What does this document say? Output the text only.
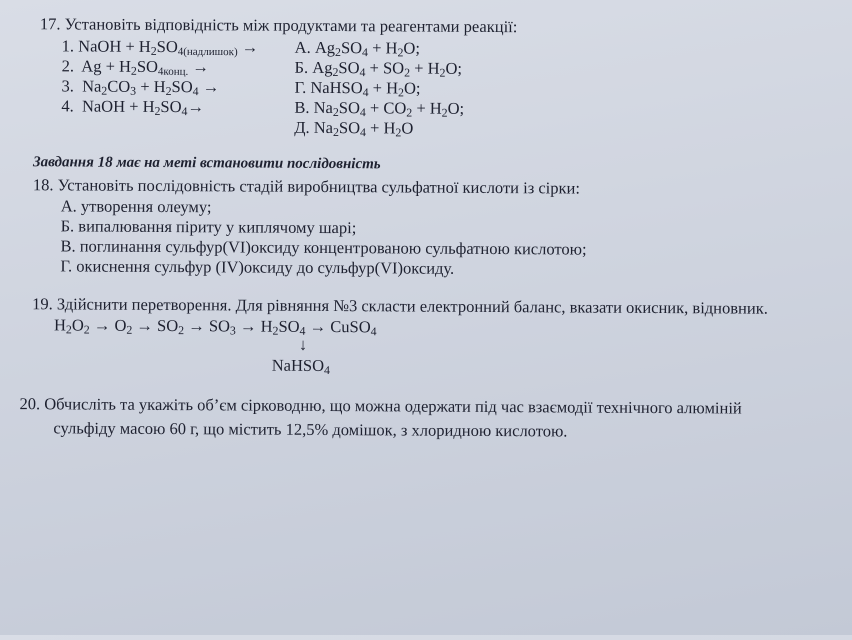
17. Установіть відповідність між продуктами та реагентами реакції:
1. NaOH + $H_2SO_{4(надлишок)}$ →
2. $Ag + H_2SO_{4конц.}$ →
3. $Na_2CO_3 + H_2SO_4$ →
4. NaOH + $H_2SO_4\to$
А. $Ag_2SO_4 + H_2O$;
Б. $Ag_2SO_4 + SO_2 + H_2O$;
Г. NaHSO$_4$ + $H_2O$;
В. $Na_2SO_4 + CO_2 + H_2O$;
Д. $Na_2SO_4 + H_2O$
Завдання 18 має на меті встановити послідовність
18. Установіть послідовність стадій виробництва сульфатної кислоти із сірки:
А. утворення олеуму;
Б. випалювання піриту у киплячому шарі;
В. поглинання сульфур(VI)оксиду концентрованою сульфатною кислотою;
Г. окиснення сульфур (IV)оксиду до сульфур(VI)оксиду.
19. Здійснити перетворення. Для рівняння №3 скласти електронний баланс, вказати окисник, відновник.
$H_2O_2 \to O_2 \to SO_2 \to SO_3 \to H_2SO_4$ → CuSO$_4$
↓
NaHSO$_4$
20. Обчисліть та укажіть об’єм сірководню, що можна одержати під час взаємодії технічного алюміній
сульфіду масою 60 г, що містить 12,5% домішок, з хлоридною кислотою.
